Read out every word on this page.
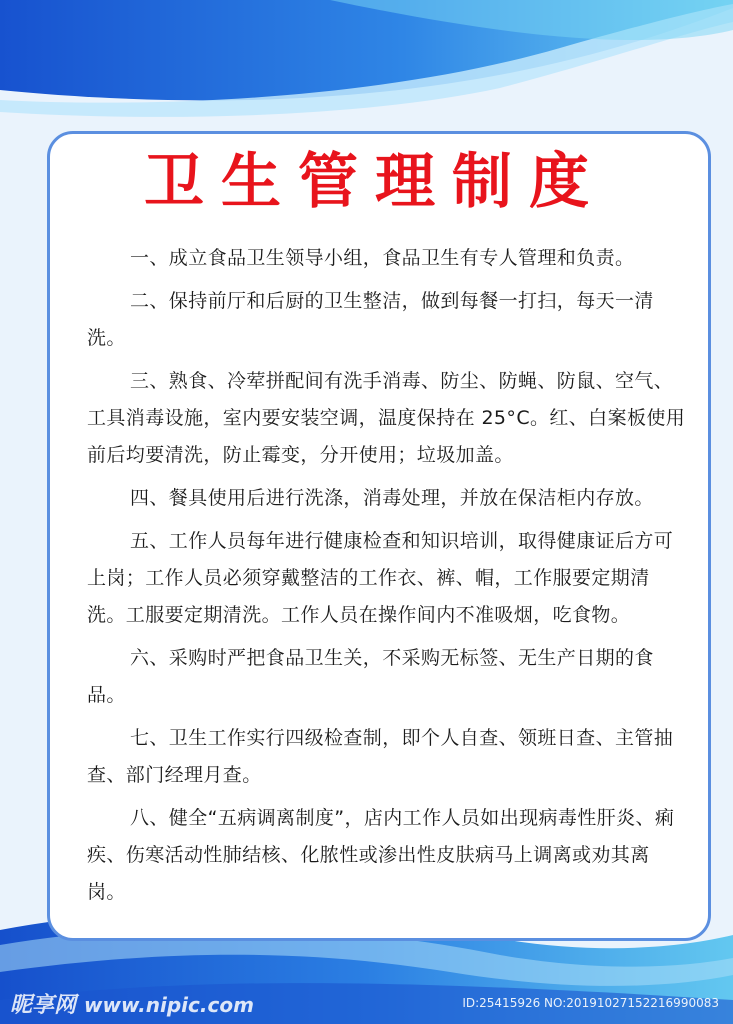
卫生管理制度

一、成立食品卫生领导小组，食品卫生有专人管理和负责。

二、保持前厅和后厨的卫生整洁，做到每餐一打扫，每天一清洗。

三、熟食、冷荤拼配间有洗手消毒、防尘、防蝇、防鼠、空气、工具消毒设施，室内要安装空调，温度保持在 25°C。红、白案板使用前后均要清洗，防止霉变，分开使用；垃圾加盖。

四、餐具使用后进行洗涤，消毒处理，并放在保洁柜内存放。

五、工作人员每年进行健康检查和知识培训，取得健康证后方可上岗；工作人员必须穿戴整洁的工作衣、裤、帽，工作服要定期清洗。工服要定期清洗。工作人员在操作间内不准吸烟，吃食物。

六、采购时严把食品卫生关，不采购无标签、无生产日期的食品。

七、卫生工作实行四级检查制，即个人自查、领班日查、主管抽查、部门经理月查。

八、健全“五病调离制度”，店内工作人员如出现病毒性肝炎、痢疾、伤寒活动性肺结核、化脓性或渗出性皮肤病马上调离或劝其离岗。

昵享网 www.nipic.com	ID:25415926 NO:20191027152216990083
